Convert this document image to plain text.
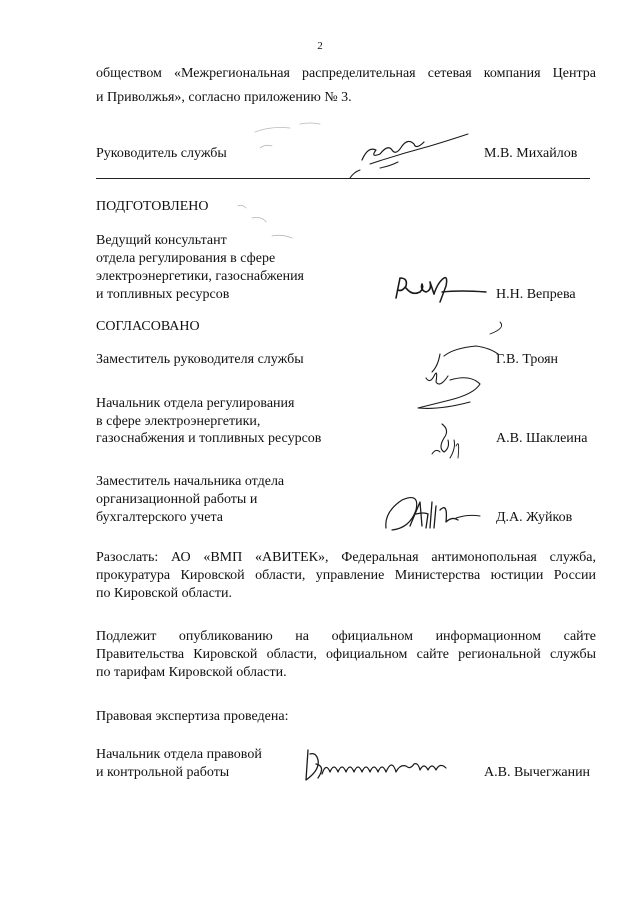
2
обществом «Межрегиональная распределительная сетевая компания Центра
и Приволжья», согласно приложению № 3.
Руководитель службы	М.В. Михайлов
ПОДГОТОВЛЕНО
Ведущий консультант
отдела регулирования в сфере
электроэнергетики, газоснабжения
и топливных ресурсов	Н.Н. Вепрева
СОГЛАСОВАНО
Заместитель руководителя службы	Г.В. Троян
Начальник отдела регулирования
в сфере электроэнергетики,
газоснабжения и топливных ресурсов	А.В. Шаклеина
Заместитель начальника отдела
организационной работы и
бухгалтерского учета	Д.А. Жуйков
Разослать: АО «ВМП «АВИТЕК», Федеральная антимонопольная служба,
прокуратура Кировской области, управление Министерства юстиции России
по Кировской области.
Подлежит опубликованию на официальном информационном сайте
Правительства Кировской области, официальном сайте региональной службы
по тарифам Кировской области.
Правовая экспертиза проведена:
Начальник отдела правовой
и контрольной работы	А.В. Вычегжанин
